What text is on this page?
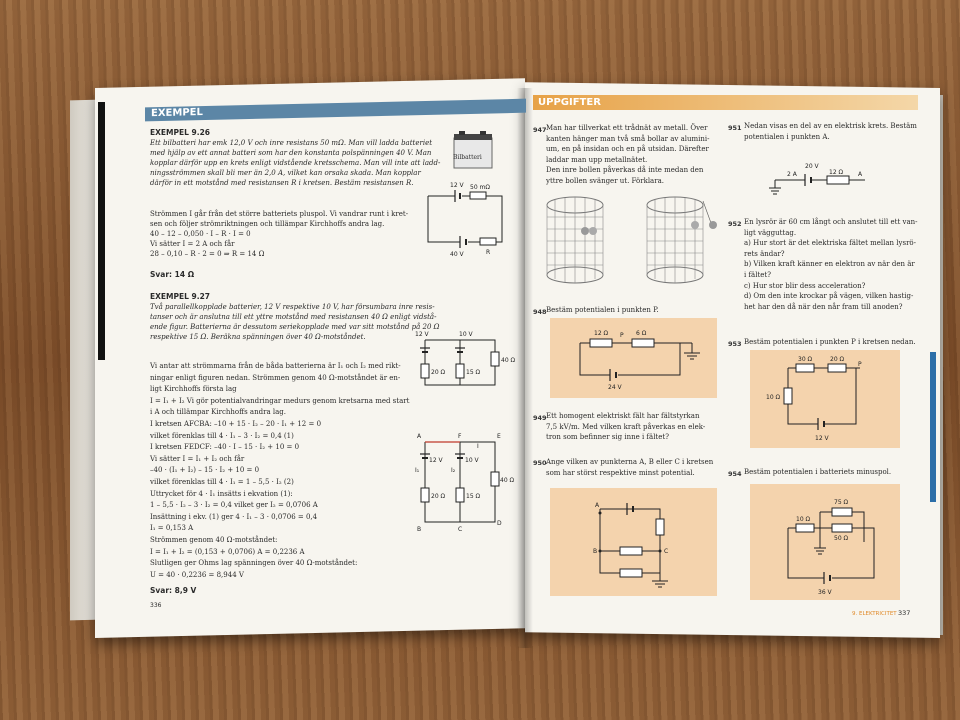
EXEMPEL
EXEMPEL 9.26
Ett bilbatteri har emk 12,0 V och inre resistans 50 mΩ. Man vill ladda batteriet
med hjälp av ett annat batteri som har den konstanta polspänningen 40 V. Man
kopplar därför upp en krets enligt vidstående kretsschema. Man vill inte att ladd-
ningsströmmen skall bli mer än 2,0 A, vilket kan orsaka skada. Man kopplar
därför in ett motstånd med resistansen R i kretsen. Bestäm resistansen R.
Strömmen I går från det större batteriets pluspol. Vi vandrar runt i kret-
sen och följer strömriktningen och tillämpar Kirchhoffs andra lag.
40 – 12 – 0,050 · I – R · I = 0
Vi sätter I = 2 A och får
28 – 0,10 – R · 2 = 0 ⇒ R = 14 Ω
Svar: 14 Ω
Bilbatteri
12 V 50 mΩ
40 V	R
EXEMPEL 9.27
Två parallellkopplade batterier, 12 V respektive 10 V, har försumbara inre resis-
tanser och är anslutna till ett yttre motstånd med resistansen 40 Ω enligt vidstå-
ende figur. Batterierna är dessutom seriekopplade med var sitt motstånd på 20 Ω
respektive 15 Ω. Beräkna spänningen över 40 Ω-motståndet.
Vi antar att strömmarna från de båda batterierna är I₁ och I₂ med rikt-
ningar enligt figuren nedan. Strömmen genom 40 Ω-motståndet är en-
ligt Kirchhoffs första lag
I = I₁ + I₂ Vi gör potentialvandringar medurs genom kretsarna med start
i A och tillämpar Kirchhoffs andra lag.
I kretsen AFCBA: –10 + 15 · I₂ – 20 · I₁ + 12 = 0
vilket förenklas till 4 · I₁ – 3 · I₂ = 0,4 (1)
I kretsen FEDCF: –40 · I – 15 · I₂ + 10 = 0
Vi sätter I = I₁ + I₂ och får
–40 · (I₁ + I₂) – 15 · I₂ + 10 = 0
vilket förenklas till 4 · I₁ = 1 – 5,5 · I₂ (2)
Uttrycket för 4 · I₁ insätts i ekvation (1):
1 – 5,5 · I₂ – 3 · I₂ = 0,4 vilket ger I₂ = 0,0706 A
Insättning i ekv. (1) ger 4 · I₁ – 3 · 0,0706 = 0,4
I₁ = 0,153 A
Strömmen genom 40 Ω-motståndet:
I = I₁ + I₂ = (0,153 + 0,0706) A = 0,2236 A
Slutligen ger Ohms lag spänningen över 40 Ω-motståndet:
U = 40 · 0,2236 = 8,944 V
Svar: 8,9 V
336
12 V	10 V
20 Ω	15 Ω
40 Ω
A	F	E
B	C
D
12 V	10 V
20 Ω	15 Ω
40 Ω
I₁	I₂
I
UPPGIFTER
947 Man har tillverkat ett trådnät av metall. Över
kanten hänger man två små bollar av alumini-
um, en på insidan och en på utsidan. Därefter
laddar man upp metallnätet.
Den inre bollen påverkas då inte medan den
yttre bollen svänger ut. Förklara.
948 Bestäm potentialen i punkten P.
12 Ω P 6 Ω
24 V
949 Ett homogent elektriskt fält har fältstyrkan
7,5 kV/m. Med vilken kraft påverkas en elek-
tron som befinner sig inne i fältet?
950 Ange vilken av punkterna A, B eller C i kretsen
som har störst respektive minst potential.
A
B	C
951 Nedan visas en del av en elektrisk krets. Bestäm
potentialen i punkten A.
20 V
2 A	12 Ω A
952 En lysrör är 60 cm långt och anslutet till ett van-
ligt vägguttag.
a) Hur stort är det elektriska fältet mellan lysrö-
rets ändar?
b) Vilken kraft känner en elektron av när den är
i fältet?
c) Hur stor blir dess acceleration?
d) Om den inte krockar på vägen, vilken hastig-
het har den då när den når fram till anoden?
953 Bestäm potentialen i punkten P i kretsen nedan.
30 Ω	20 Ω
P
10 Ω
12 V
954 Bestäm potentialen i batteriets minuspol.
75 Ω
10 Ω
50 Ω
36 V
9. ELEKTRICITET 337
